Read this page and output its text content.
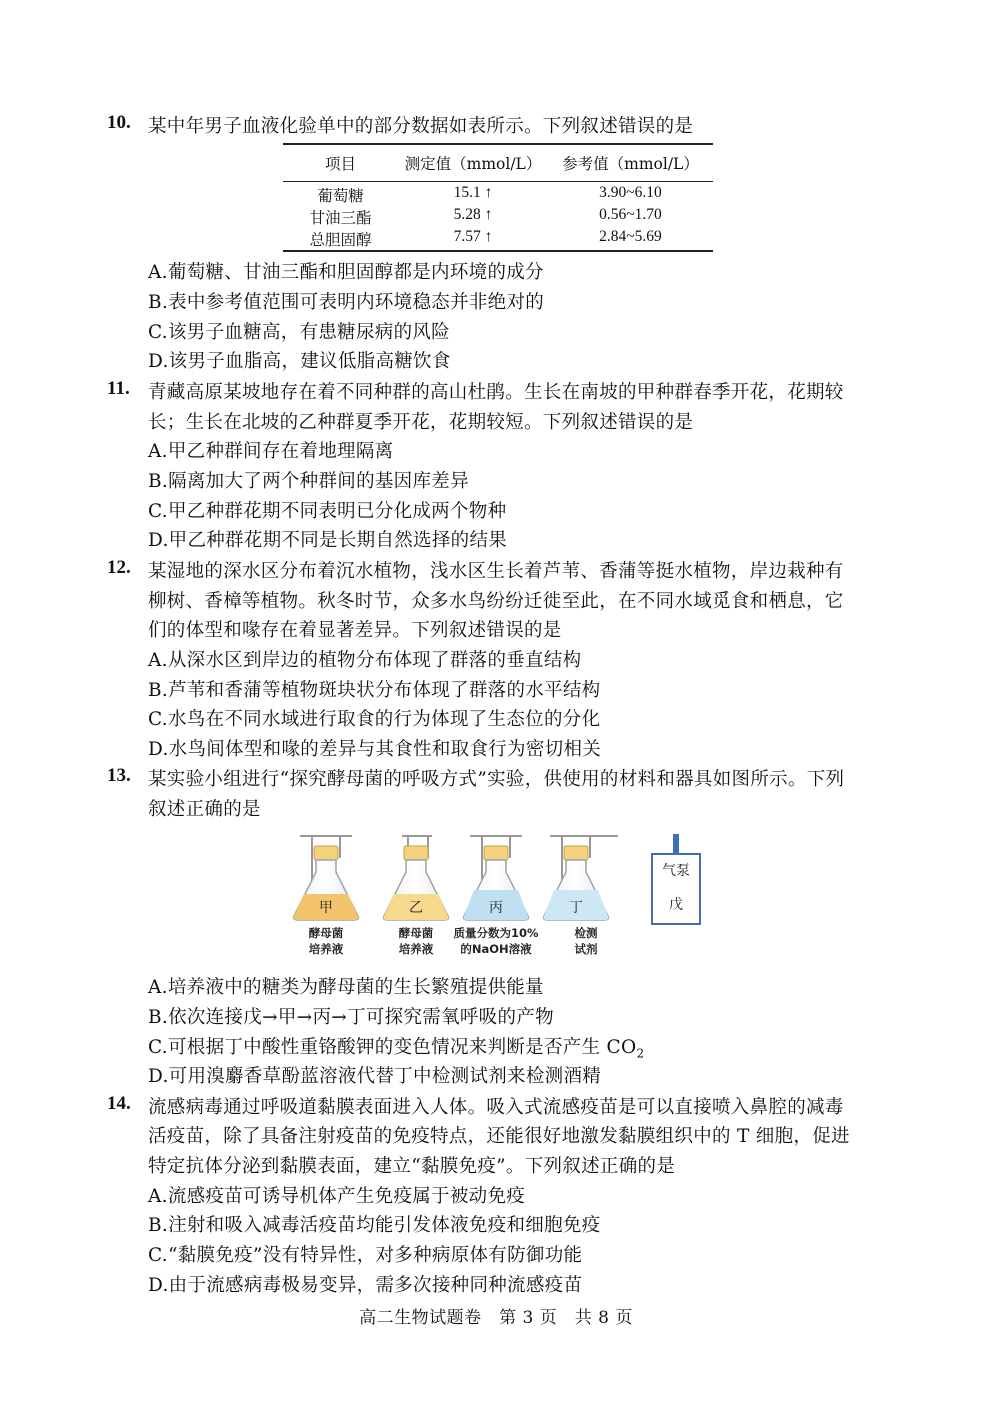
10. 某中年男子血液化验单中的部分数据如表所示。下列叙述错误的是
项目	测定值（mmol/L）	参考值（mmol/L）
葡萄糖	15.1 ↑	3.90~6.10
甘油三酯	5.28 ↑	0.56~1.70
总胆固醇	7.57 ↑	2.84~5.69
A.葡萄糖、甘油三酯和胆固醇都是内环境的成分
B.表中参考值范围可表明内环境稳态并非绝对的
C.该男子血糖高，有患糖尿病的风险
D.该男子血脂高，建议低脂高糖饮食
11. 青藏高原某坡地存在着不同种群的高山杜鹃。生长在南坡的甲种群春季开花，花期较
长；生长在北坡的乙种群夏季开花，花期较短。下列叙述错误的是
A.甲乙种群间存在着地理隔离
B.隔离加大了两个种群间的基因库差异
C.甲乙种群花期不同表明已分化成两个物种
D.甲乙种群花期不同是长期自然选择的结果
12. 某湿地的深水区分布着沉水植物，浅水区生长着芦苇、香蒲等挺水植物，岸边栽种有
柳树、香樟等植物。秋冬时节，众多水鸟纷纷迁徙至此，在不同水域觅食和栖息，它
们的体型和喙存在着显著差异。下列叙述错误的是
A.从深水区到岸边的植物分布体现了群落的垂直结构
B.芦苇和香蒲等植物斑块状分布体现了群落的水平结构
C.水鸟在不同水域进行取食的行为体现了生态位的分化
D.水鸟间体型和喙的差异与其食性和取食行为密切相关
13. 某实验小组进行“探究酵母菌的呼吸方式”实验，供使用的材料和器具如图所示。下列
叙述正确的是
甲	乙	丙	丁
气泵
戊
酵母菌
培养液
酵母菌
培养液
质量分数为10%
的NaOH溶液
检测
试剂
A.培养液中的糖类为酵母菌的生长繁殖提供能量
B.依次连接戊→甲→丙→丁可探究需氧呼吸的产物
C.可根据丁中酸性重铬酸钾的变色情况来判断是否产生 $CO_2$
D.可用溴麝香草酚蓝溶液代替丁中检测试剂来检测酒精
14. 流感病毒通过呼吸道黏膜表面进入人体。吸入式流感疫苗是可以直接喷入鼻腔的减毒
活疫苗，除了具备注射疫苗的免疫特点，还能很好地激发黏膜组织中的 T 细胞，促进
特定抗体分泌到黏膜表面，建立“黏膜免疫”。下列叙述正确的是
A.流感疫苗可诱导机体产生免疫属于被动免疫
B.注射和吸入减毒活疫苗均能引发体液免疫和细胞免疫
C.“黏膜免疫”没有特异性，对多种病原体有防御功能
D.由于流感病毒极易变异，需多次接种同种流感疫苗
高二生物试题卷　第 3 页　共 8 页
